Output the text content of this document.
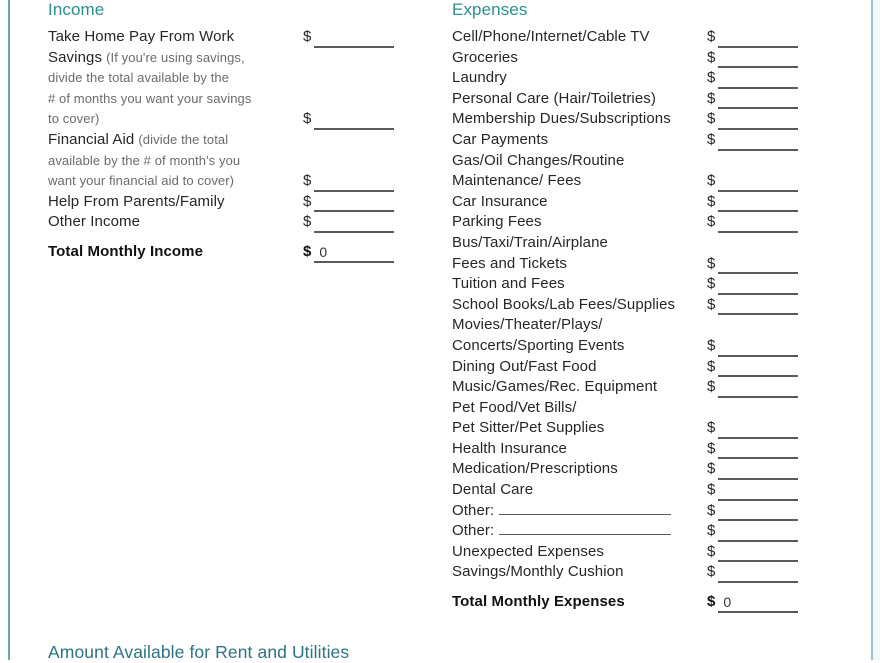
Income
Take Home Pay From Work	$
Savings (If you're using savings,
divide the total available by the
# of months you want your savings
to cover)	$
Financial Aid (divide the total
available by the # of month's you
want your financial aid to cover)	$
Help From Parents/Family	$
Other Income	$
Total Monthly Income	$ 0
Expenses
Cell/Phone/Internet/Cable TV	$
Groceries	$
Laundry	$
Personal Care (Hair/Toiletries)	$
Membership Dues/Subscriptions	$
Car Payments	$
Gas/Oil Changes/Routine
Maintenance/ Fees	$
Car Insurance	$
Parking Fees	$
Bus/Taxi/Train/Airplane
Fees and Tickets	$
Tuition and Fees	$
School Books/Lab Fees/Supplies	$
Movies/Theater/Plays/
Concerts/Sporting Events	$
Dining Out/Fast Food	$
Music/Games/Rec. Equipment	$
Pet Food/Vet Bills/
Pet Sitter/Pet Supplies	$
Health Insurance	$
Medication/Prescriptions	$
Dental Care	$
Other:	$
Other:	$
Unexpected Expenses	$
Savings/Monthly Cushion	$
Total Monthly Expenses	$ 0
Amount Available for Rent and Utilities
